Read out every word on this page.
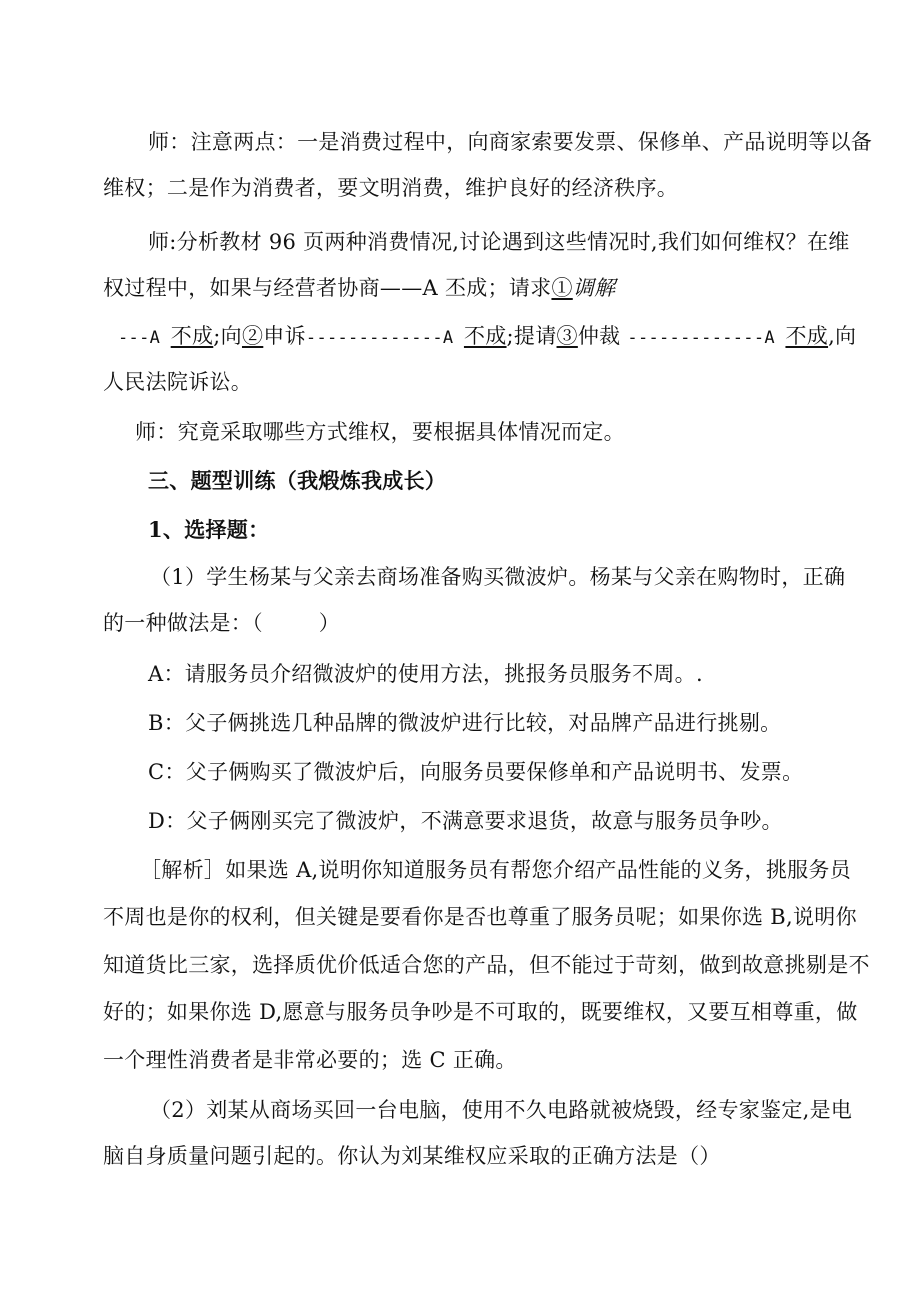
师：注意两点：一是消费过程中，向商家索要发票、保修单、产品说明等以备
维权；二是作为消费者，要文明消费，维护良好的经济秩序。
师:分析教材 96 页两种消费情况,讨论遇到这些情况时,我们如何维权？在维
权过程中，如果与经营者协商——A 丕成；请求①调解
---A 不成;向②申诉-------------A 不成;提请③仲裁 -------------A 不成,向
人民法院诉讼。
师：究竟采取哪些方式维权，要根据具体情况而定。
三、题型训练（我煅炼我成长）
1、选择题：
（1）学生杨某与父亲去商场准备购买微波炉。杨某与父亲在购物时，正确
的一种做法是：（        ）
A：请服务员介绍微波炉的使用方法，挑报务员服务不周。.
B：父子俩挑选几种品牌的微波炉进行比较，对品牌产品进行挑剔。
C：父子俩购买了微波炉后，向服务员要保修单和产品说明书、发票。
D：父子俩刚买完了微波炉，不满意要求退货，故意与服务员争吵。
［解析］如果选 A,说明你知道服务员有帮您介绍产品性能的义务，挑服务员
不周也是你的权利，但关键是要看你是否也尊重了服务员呢；如果你选 B,说明你
知道货比三家，选择质优价低适合您的产品，但不能过于苛刻，做到故意挑剔是不
好的；如果你选 D,愿意与服务员争吵是不可取的，既要维权，又要互相尊重，做
一个理性消费者是非常必要的；选 C 正确。
（2）刘某从商场买回一台电脑，使用不久电路就被烧毁，经专家鉴定,是电
脑自身质量问题引起的。你认为刘某维权应采取的正确方法是（）
